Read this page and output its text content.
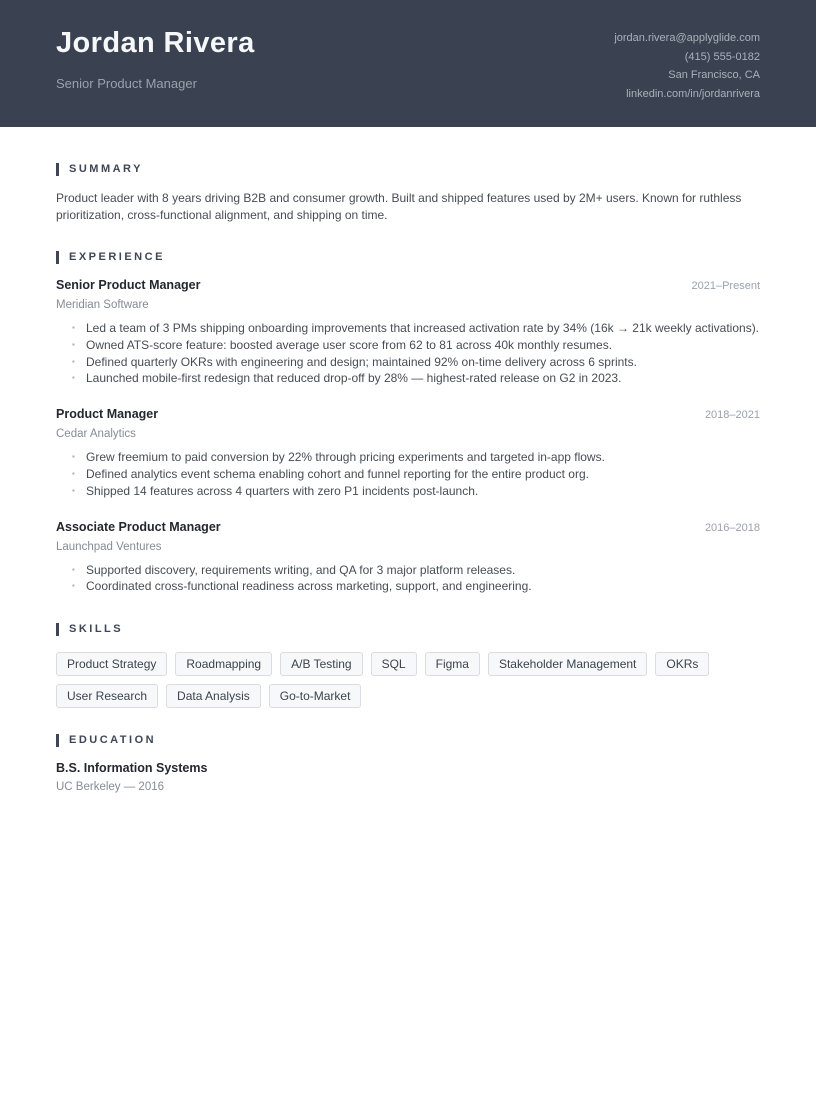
Jordan Rivera
Senior Product Manager
jordan.rivera@applyglide.com
(415) 555-0182
San Francisco, CA
linkedin.com/in/jordanrivera
SUMMARY

Product leader with 8 years driving B2B and consumer growth. Built and shipped features used by 2M+ users. Known for ruthless prioritization, cross-functional alignment, and shipping on time.

EXPERIENCE
Senior Product Manager	2021–Present
Meridian Software
▪ Led a team of 3 PMs shipping onboarding improvements that increased activation rate by 34% (16k → 21k weekly activations).
▪ Owned ATS-score feature: boosted average user score from 62 to 81 across 40k monthly resumes.
▪ Defined quarterly OKRs with engineering and design; maintained 92% on-time delivery across 6 sprints.
▪ Launched mobile-first redesign that reduced drop-off by 28% — highest-rated release on G2 in 2023.
Product Manager	2018–2021
Cedar Analytics
▪ Grew freemium to paid conversion by 22% through pricing experiments and targeted in-app flows.
▪ Defined analytics event schema enabling cohort and funnel reporting for the entire product org.
▪ Shipped 14 features across 4 quarters with zero P1 incidents post-launch.
Associate Product Manager	2016–2018
Launchpad Ventures
▪ Supported discovery, requirements writing, and QA for 3 major platform releases.
▪ Coordinated cross-functional readiness across marketing, support, and engineering.
SKILLS
Product Strategy	Roadmapping	A/B Testing	SQL	Figma	Stakeholder Management	OKRs
User Research	Data Analysis	Go-to-Market
EDUCATION
B.S. Information Systems
UC Berkeley — 2016
